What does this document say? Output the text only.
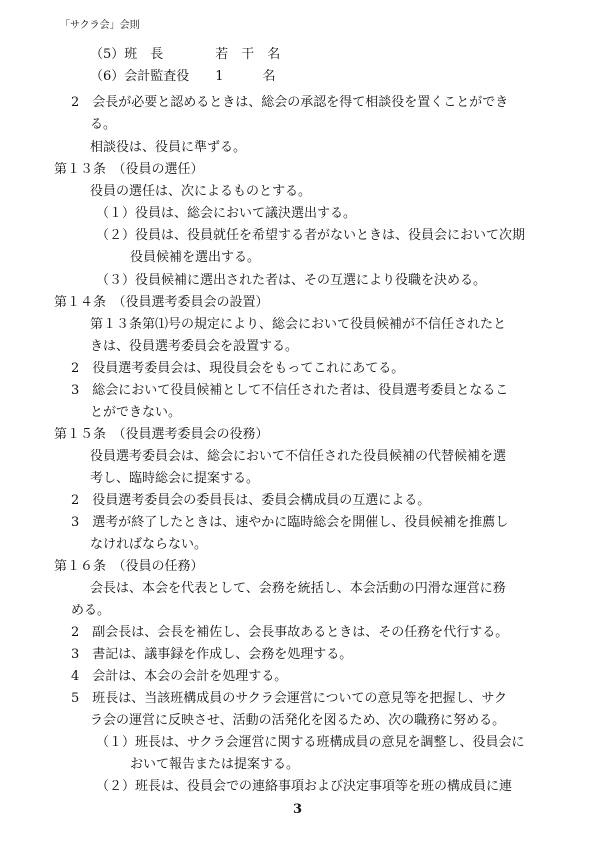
「サクラ会」会則
（5）班　長　　　　若　干　名
（6）会計監査役　　1　　　名
2　会長が必要と認めるときは、総会の承認を得て相談役を置くことができ
る。
相談役は、役員に準ずる。
第１３条　（役員の選任）
役員の選任は、次によるものとする。
（１）役員は、総会において議決選出する。
（２）役員は、役員就任を希望する者がないときは、役員会において次期
役員候補を選出する。
（３）役員候補に選出された者は、その互選により役職を決める。
第１４条　（役員選考委員会の設置）
第１３条第⑴号の規定により、総会において役員候補が不信任されたと
きは、役員選考委員会を設置する。
2　役員選考委員会は、現役員会をもってこれにあてる。
3　総会において役員候補として不信任された者は、役員選考委員となるこ
とができない。
第１５条　（役員選考委員会の役務）
役員選考委員会は、総会において不信任された役員候補の代替候補を選
考し、臨時総会に提案する。
2　役員選考委員会の委員長は、委員会構成員の互選による。
3　選考が終了したときは、速やかに臨時総会を開催し、役員候補を推薦し
なければならない。
第１６条　（役員の任務）
会長は、本会を代表として、会務を統括し、本会活動の円滑な運営に務
める。
2　副会長は、会長を補佐し、会長事故あるときは、その任務を代行する。
3　書記は、議事録を作成し、会務を処理する。
4　会計は、本会の会計を処理する。
5　班長は、当該班構成員のサクラ会運営についての意見等を把握し、サク
ラ会の運営に反映させ、活動の活発化を図るため、次の職務に努める。
（１）班長は、サクラ会運営に関する班構成員の意見を調整し、役員会に
おいて報告または提案する。
（２）班長は、役員会での連絡事項および決定事項等を班の構成員に連
3
